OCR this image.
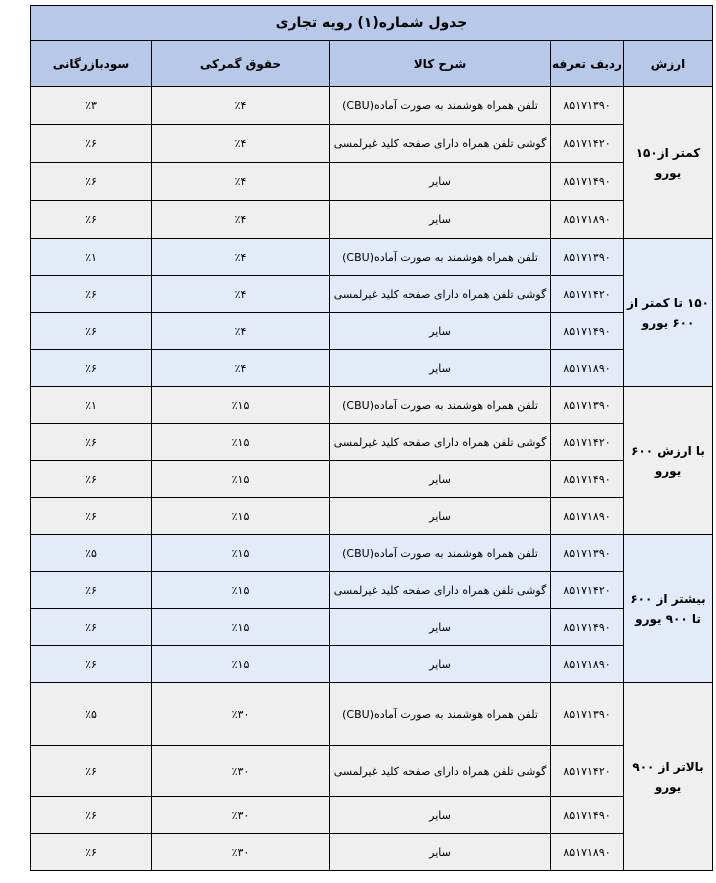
جدول شماره(۱) رویه تجاری				
ارزش	ردیف تعرفه	شرح کالا	حقوق گمرکی	سودبازرگانی
کمتر از۱۵۰ یورو	۸۵۱۷۱۳۹۰	تلفن همراه هوشمند به صورت آماده(CBU)	٪۴	٪۳
	۸۵۱۷۱۴۲۰	گوشی تلفن همراه دارای صفحه کلید غیرلمسی	٪۴	٪۶
	۸۵۱۷۱۴۹۰	سایر	٪۴	٪۶
	۸۵۱۷۱۸۹۰	سایر	٪۴	٪۶
۱۵۰ تا کمتر از ۶۰۰ یورو	۸۵۱۷۱۳۹۰	تلفن همراه هوشمند به صورت آماده(CBU)	٪۴	٪۱
	۸۵۱۷۱۴۲۰	گوشی تلفن همراه دارای صفحه کلید غیرلمسی	٪۴	٪۶
	۸۵۱۷۱۴۹۰	سایر	٪۴	٪۶
	۸۵۱۷۱۸۹۰	سایر	٪۴	٪۶
با ارزش ۶۰۰ یورو	۸۵۱۷۱۳۹۰	تلفن همراه هوشمند به صورت آماده(CBU)	٪۱۵	٪۱
	۸۵۱۷۱۴۲۰	گوشی تلفن همراه دارای صفحه کلید غیرلمسی	٪۱۵	٪۶
	۸۵۱۷۱۴۹۰	سایر	٪۱۵	٪۶
	۸۵۱۷۱۸۹۰	سایر	٪۱۵	٪۶
بیشتر از ۶۰۰ تا ۹۰۰ یورو	۸۵۱۷۱۳۹۰	تلفن همراه هوشمند به صورت آماده(CBU)	٪۱۵	٪۵
	۸۵۱۷۱۴۲۰	گوشی تلفن همراه دارای صفحه کلید غیرلمسی	٪۱۵	٪۶
	۸۵۱۷۱۴۹۰	سایر	٪۱۵	٪۶
	۸۵۱۷۱۸۹۰	سایر	٪۱۵	٪۶
بالاتر از ۹۰۰ یورو	۸۵۱۷۱۳۹۰	تلفن همراه هوشمند به صورت آماده(CBU)	٪۳۰	٪۵
	۸۵۱۷۱۴۲۰	گوشی تلفن همراه دارای صفحه کلید غیرلمسی	٪۳۰	٪۶
	۸۵۱۷۱۴۹۰	سایر	٪۳۰	٪۶
	۸۵۱۷۱۸۹۰	سایر	٪۳۰	٪۶
